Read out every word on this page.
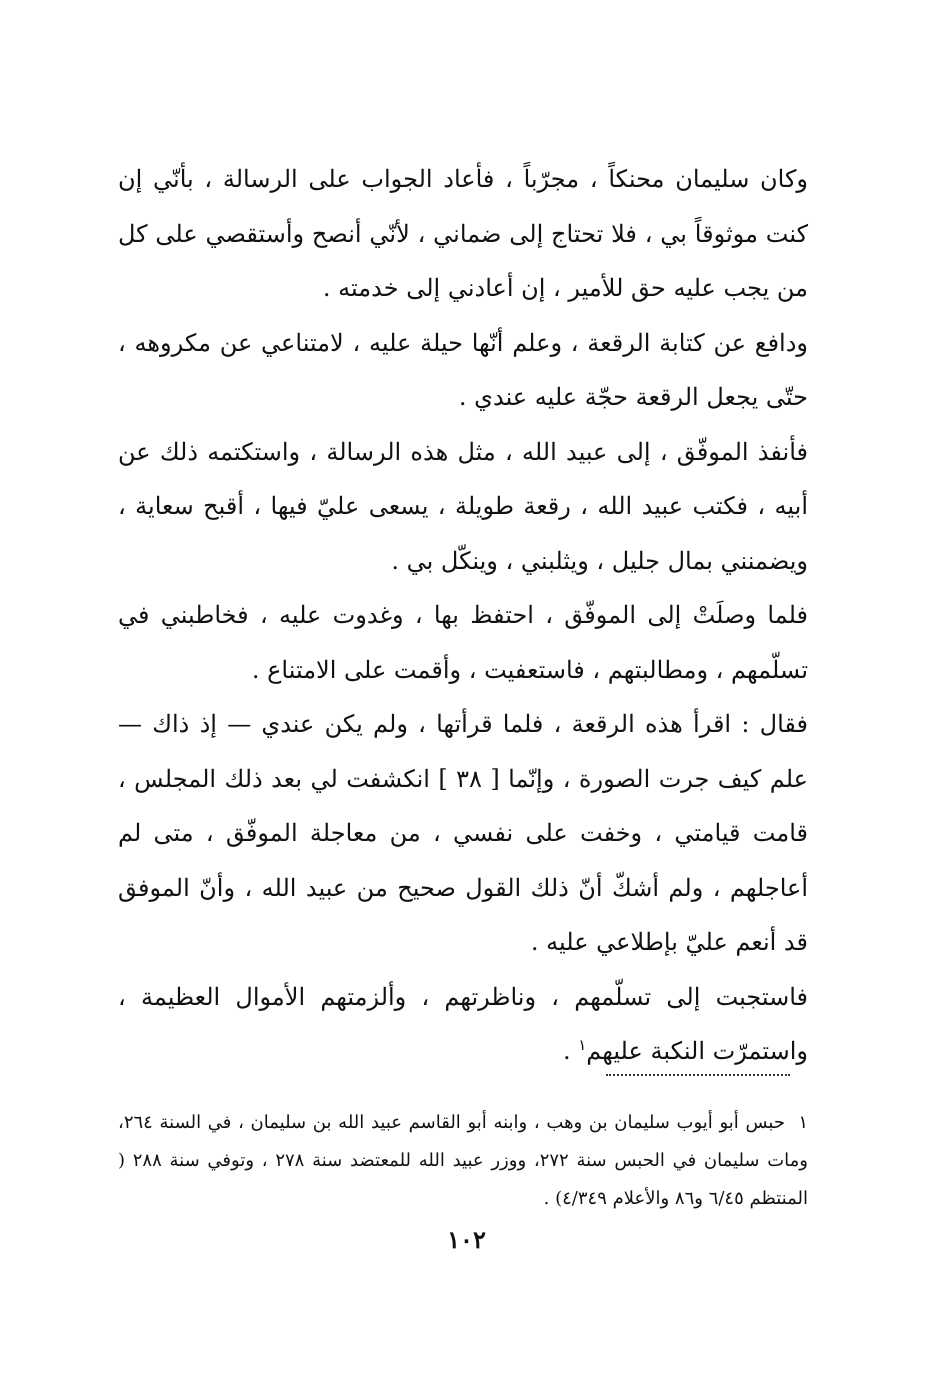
وكان سليمان محنكاً ، مجرّباً ، فأعاد الجواب على الرسالة ، بأنّي إن كنت موثوقاً بي ، فلا تحتاج إلى ضماني ، لأنّي أنصح وأستقصي على كل من يجب عليه حق للأمير ، إن أعادني إلى خدمته .

ودافع عن كتابة الرقعة ، وعلم أنّها حيلة عليه ، لامتناعي عن مكروهه ، حتّى يجعل الرقعة حجّة عليه عندي .

فأنفذ الموفّق ، إلى عبيد الله ، مثل هذه الرسالة ، واستكتمه ذلك عن أبيه ، فكتب عبيد الله ، رقعة طويلة ، يسعى عليّ فيها ، أقبح سعاية ، ويضمنني بمال جليل ، ويثلبني ، وينكّل بي .

فلما وصلَتْ إلى الموفّق ، احتفظ بها ، وغدوت عليه ، فخاطبني في تسلّمهم ، ومطالبتهم ، فاستعفيت ، وأقمت على الامتناع .

فقال : اقرأ هذه الرقعة ، فلما قرأتها ، ولم يكن عندي — إذ ذاك — علم كيف جرت الصورة ، وإنّما [ ٣٨ ] انكشفت لي بعد ذلك المجلس ، قامت قيامتي ، وخفت على نفسي ، من معاجلة الموفّق ، متى لم أعاجلهم ، ولم أشكّ أنّ ذلك القول صحيح من عبيد الله ، وأنّ الموفق قد أنعم عليّ بإطلاعي عليه .

فاستجبت إلى تسلّمهم ، وناظرتهم ، وألزمتهم الأموال العظيمة ، واستمرّت النكبة عليهم$^١$ .

١  حبس أبو أيوب سليمان بن وهب ، وابنه أبو القاسم عبيد الله بن سليمان ، في السنة ٢٦٤، ومات سليمان في الحبس سنة ٢٧٢، ووزر عبيد الله للمعتضد سنة ٢٧٨ ، وتوفي سنة ٢٨٨ ( المنتظم ٦/٤٥ و٨٦ والأعلام ٤/٣٤٩) .

١٠٢
